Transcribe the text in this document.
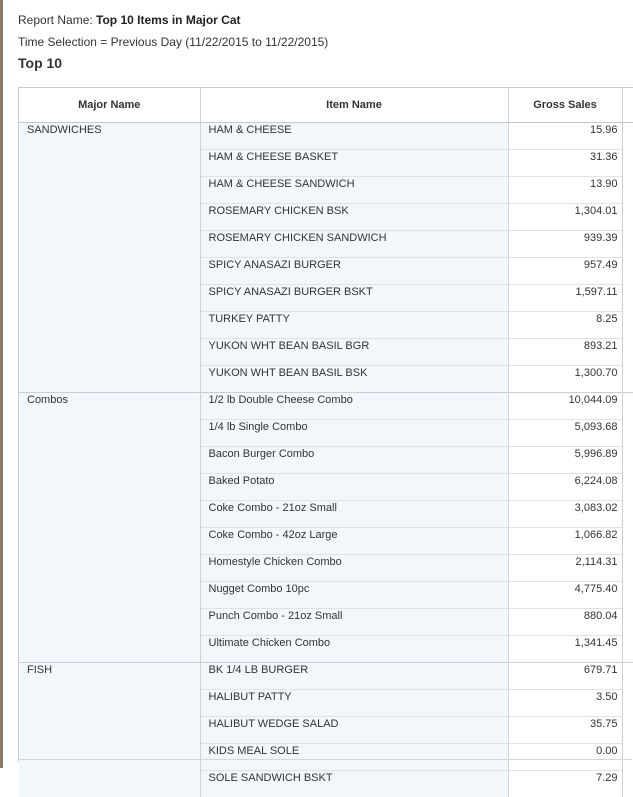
Report Name: Top 10 Items in Major Cat
Time Selection = Previous Day (11/22/2015 to 11/22/2015)
Top 10
Major Name	Item Name	Gross Sales	
SANDWICHES	HAM & CHEESE	15.96	
	HAM & CHEESE BASKET	31.36	
	HAM & CHEESE SANDWICH	13.90	
	ROSEMARY CHICKEN BSK	1,304.01	
	ROSEMARY CHICKEN SANDWICH	939.39	
	SPICY ANASAZI BURGER	957.49	
	SPICY ANASAZI BURGER BSKT	1,597.11	
	TURKEY PATTY	8.25	
	YUKON WHT BEAN BASIL BGR	893.21	
	YUKON WHT BEAN BASIL BSK	1,300.70	
Combos	1/2 lb Double Cheese Combo	10,044.09	
	1/4 lb Single Combo	5,093.68	
	Bacon Burger Combo	5,996.89	
	Baked Potato	6,224.08	
	Coke Combo - 21oz Small	3,083.02	
	Coke Combo - 42oz Large	1,066.82	
	Homestyle Chicken Combo	2,114.31	
	Nugget Combo 10pc	4,775.40	
	Punch Combo - 21oz Small	880.04	
	Ultimate Chicken Combo	1,341.45	
FISH	BK 1/4 LB BURGER	679.71	
	HALIBUT PATTY	3.50	
	HALIBUT WEDGE SALAD	35.75	
	KIDS MEAL SOLE	0.00	
	SOLE SANDWICH BSKT	7.29	
